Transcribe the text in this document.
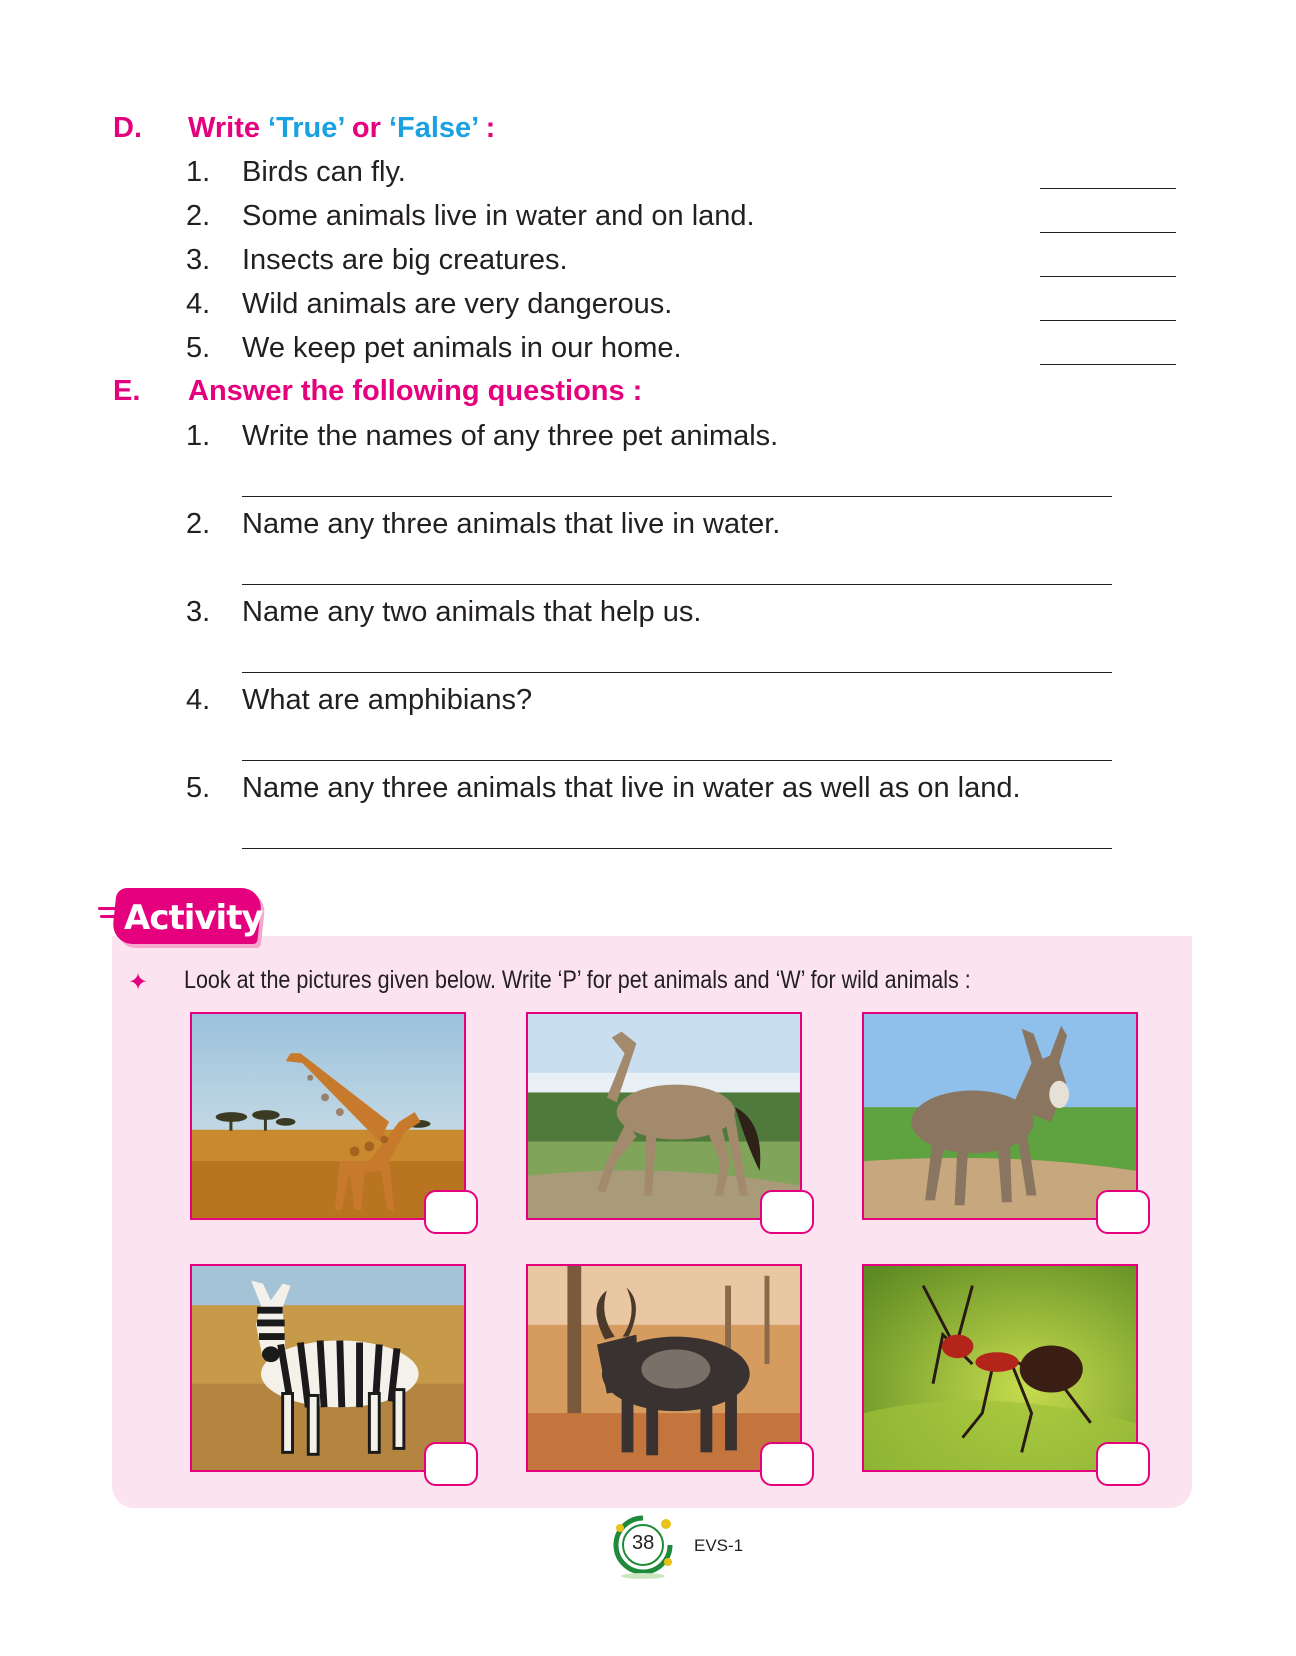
D. Write ‘True’ or ‘False’ :
1. Birds can fly.
2. Some animals live in water and on land.
3. Insects are big creatures.
4. Wild animals are very dangerous.
5. We keep pet animals in our home.
E. Answer the following questions :
1. Write the names of any three pet animals.
2. Name any three animals that live in water.
3. Name any two animals that help us.
4. What are amphibians?
5. Name any three animals that live in water as well as on land.
Activity
✦ Look at the pictures given below. Write ‘P’ for pet animals and ‘W’ for wild animals :
38 EVS-1
